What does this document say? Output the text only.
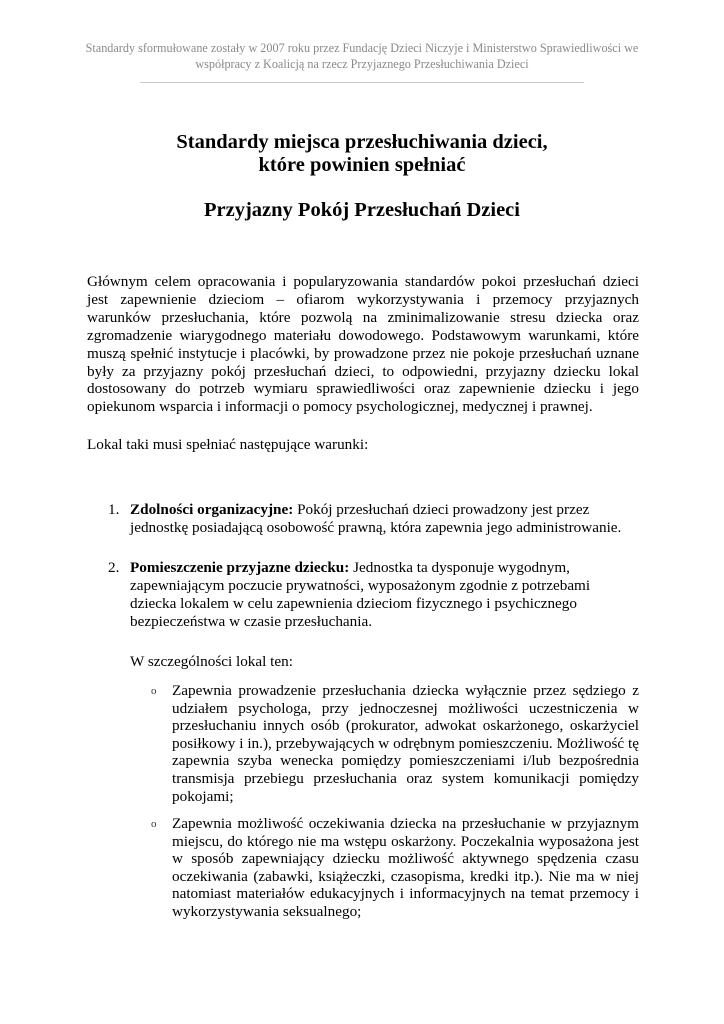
Standardy sformułowane zostały w 2007 roku przez Fundację Dzieci Niczyje i Ministerstwo Sprawiedliwości we
współpracy z Koalicją na rzecz Przyjaznego Przesłuchiwania Dzieci
Standardy miejsca przesłuchiwania dzieci,
które powinien spełniać
Przyjazny Pokój Przesłuchań Dzieci
Głównym celem opracowania i popularyzowania standardów pokoi przesłuchań dzieci jest zapewnienie dzieciom – ofiarom wykorzystywania i przemocy przyjaznych warunków przesłuchania, które pozwolą na zminimalizowanie stresu dziecka oraz zgromadzenie wiarygodnego materiału dowodowego. Podstawowym warunkami, które muszą spełnić instytucje i placówki, by prowadzone przez nie pokoje przesłuchań uznane były za przyjazny pokój przesłuchań dzieci, to odpowiedni, przyjazny dziecku lokal dostosowany do potrzeb wymiaru sprawiedliwości oraz zapewnienie dziecku i jego opiekunom wsparcia i informacji o pomocy psychologicznej, medycznej i prawnej.
Lokal taki musi spełniać następujące warunki:
1. Zdolności organizacyjne: Pokój przesłuchań dzieci prowadzony jest przez jednostkę posiadającą osobowość prawną, która zapewnia jego administrowanie.
2. Pomieszczenie przyjazne dziecku: Jednostka ta dysponuje wygodnym, zapewniającym poczucie prywatności, wyposażonym zgodnie z potrzebami dziecka lokalem w celu zapewnienia dzieciom fizycznego i psychicznego bezpieczeństwa w czasie przesłuchania.
W szczególności lokal ten:
o Zapewnia prowadzenie przesłuchania dziecka wyłącznie przez sędziego z udziałem psychologa, przy jednoczesnej możliwości uczestniczenia w przesłuchaniu innych osób (prokurator, adwokat oskarżonego, oskarżyciel posiłkowy i in.), przebywających w odrębnym pomieszczeniu. Możliwość tę zapewnia szyba wenecka pomiędzy pomieszczeniami i/lub bezpośrednia transmisja przebiegu przesłuchania oraz system komunikacji pomiędzy pokojami;
o Zapewnia możliwość oczekiwania dziecka na przesłuchanie w przyjaznym miejscu, do którego nie ma wstępu oskarżony. Poczekalnia wyposażona jest w sposób zapewniający dziecku możliwość aktywnego spędzenia czasu oczekiwania (zabawki, książeczki, czasopisma, kredki itp.). Nie ma w niej natomiast materiałów edukacyjnych i informacyjnych na temat przemocy i wykorzystywania seksualnego;
